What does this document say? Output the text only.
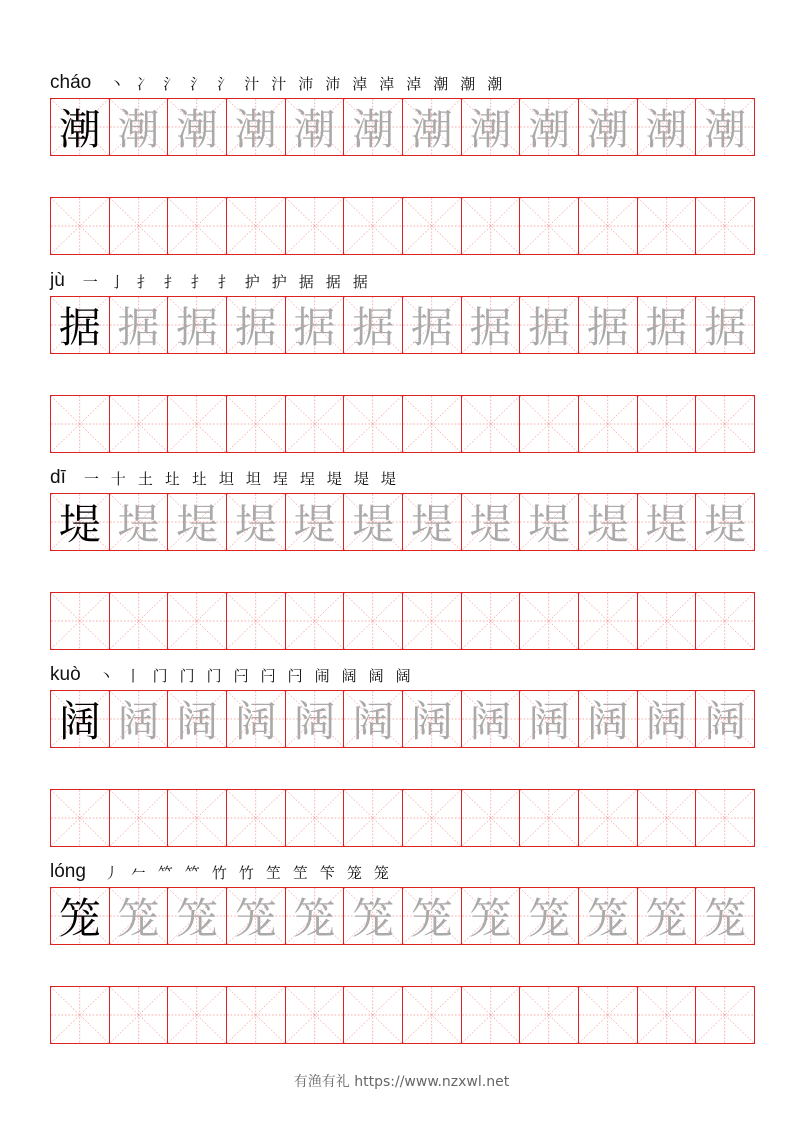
cháo 丶 冫 氵 氵 氵 汁 汁 沛 沛 淖 淖 淖 潮 潮 潮
潮 潮 潮 潮 潮 潮 潮 潮 潮 潮 潮 潮
jù 一 亅 扌 扌 扌 扌 护 护 据 据 据
据 据 据 据 据 据 据 据 据 据 据 据
dī 一 十 土 圵 圵 坦 坦 埕 埕 堤 堤 堤
堤 堤 堤 堤 堤 堤 堤 堤 堤 堤 堤 堤
kuò 丶 丨 门 门 门 闩 闩 闩 闹 阔 阔 阔
阔 阔 阔 阔 阔 阔 阔 阔 阔 阔 阔 阔
lóng 丿 𠂉 𥫗 𥫗 竹 竹 笁 笁 笇 笼 笼
笼 笼 笼 笼 笼 笼 笼 笼 笼 笼 笼 笼
有渔有礼 https://www.nzxwl.net
